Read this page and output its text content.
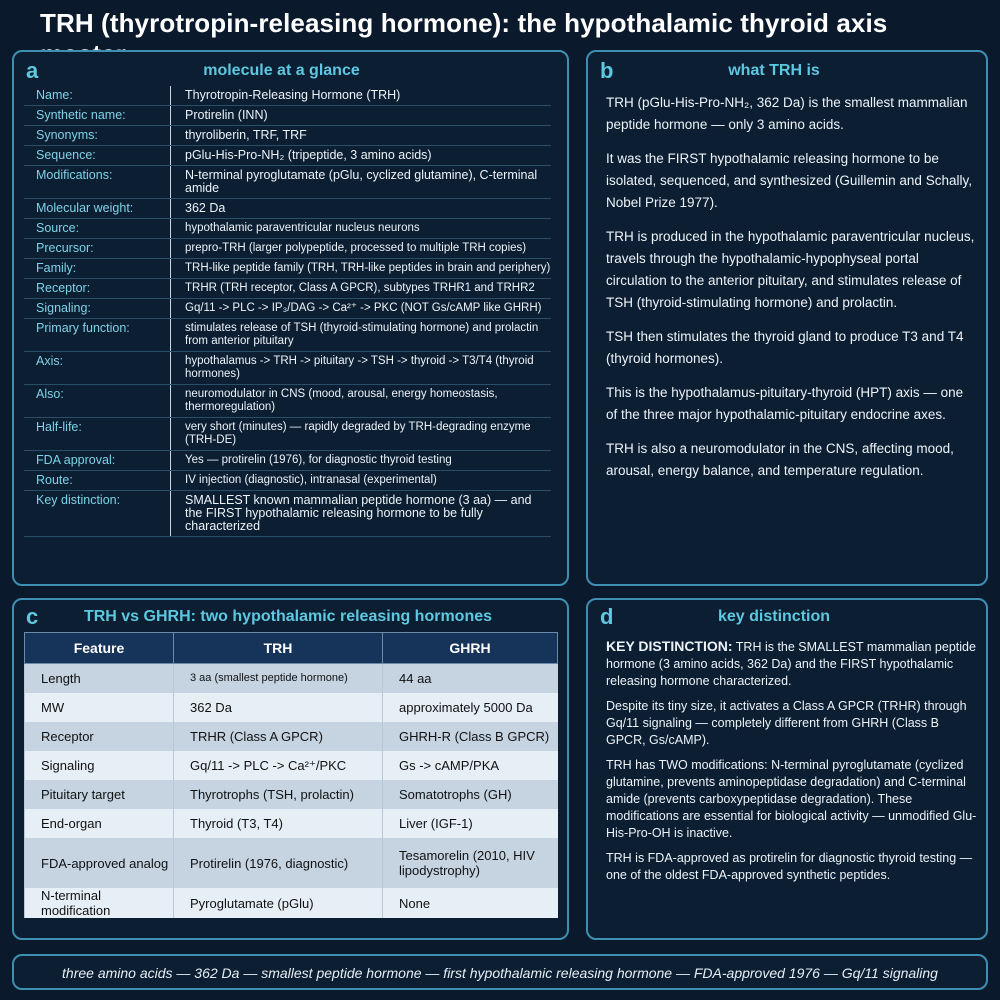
TRH (thyrotropin-releasing hormone): the hypothalamic thyroid axis
a	molecule at a glance
Name:	Thyrotropin-Releasing Hormone (TRH)
Synthetic name:	Protirelin (INN)
Synonyms:	thyroliberin, TRF, TRF
Sequence:	pGlu-His-Pro-NH₂ (tripeptide, 3 amino acids)
Modifications:	N-terminal pyroglutamate (pGlu, cyclized glutamine), C-terminal amide
Molecular weight:	362 Da
Source:	hypothalamic paraventricular nucleus neurons
Precursor:	prepro-TRH (larger polypeptide, processed to multiple TRH copies)
Family:	TRH-like peptide family (TRH, TRH-like peptides in brain and periphery)
Receptor:	TRHR (TRH receptor, Class A GPCR), subtypes TRHR1 and TRHR2
Signaling:	Gq/11 -> PLC -> IP₃/DAG -> Ca²⁺ -> PKC (NOT Gs/cAMP like GHRH)
Primary function:	stimulates release of TSH (thyroid-stimulating hormone) and prolactin from anterior pituitary
Axis:	hypothalamus -> TRH -> pituitary -> TSH -> thyroid -> T3/T4 (thyroid hormones)
Also:	neuromodulator in CNS (mood, arousal, energy homeostasis, thermoregulation)
Half-life:	very short (minutes) — rapidly degraded by TRH-degrading enzyme (TRH-DE)
FDA approval:	Yes — protirelin (1976), for diagnostic thyroid testing
Route:	IV injection (diagnostic), intranasal (experimental)
Key distinction:	SMALLEST known mammalian peptide hormone (3 aa) — and the FIRST hypothalamic releasing hormone to be fully characterized
b	what TRH is

TRH (pGlu-His-Pro-NH₂, 362 Da) is the smallest mammalian peptide hormone — only 3 amino acids.

It was the FIRST hypothalamic releasing hormone to be isolated, sequenced, and synthesized (Guillemin and Schally, Nobel Prize 1977).

TRH is produced in the hypothalamic paraventricular nucleus, travels through the hypothalamic-hypophyseal portal circulation to the anterior pituitary, and stimulates release of TSH (thyroid-stimulating hormone) and prolactin.

TSH then stimulates the thyroid gland to produce T3 and T4 (thyroid hormones).

This is the hypothalamus-pituitary-thyroid (HPT) axis — one of the three major hypothalamic-pituitary endocrine axes.

TRH is also a neuromodulator in the CNS, affecting mood, arousal, energy balance, and temperature regulation.

c	TRH vs GHRH: two hypothalamic releasing hormones
Feature	TRH	GHRH
Length	3 aa (smallest peptide hormone)	44 aa
MW	362 Da	approximately 5000 Da
Receptor	TRHR (Class A GPCR)	GHRH-R (Class B GPCR)
Signaling	Gq/11 -> PLC -> Ca²⁺/PKC	Gs -> cAMP/PKA
Pituitary target	Thyrotrophs (TSH, prolactin)	Somatotrophs (GH)
End-organ	Thyroid (T3, T4)	Liver (IGF-1)
FDA-approved analog	Protirelin (1976, diagnostic)	Tesamorelin (2010, HIV lipodystrophy)
N-terminal modification	Pyroglutamate (pGlu)	None
d	key distinction

KEY DISTINCTION: TRH is the SMALLEST mammalian peptide hormone (3 amino acids, 362 Da) and the FIRST hypothalamic releasing hormone characterized.

Despite its tiny size, it activates a Class A GPCR (TRHR) through Gq/11 signaling — completely different from GHRH (Class B GPCR, Gs/cAMP).

TRH has TWO modifications: N-terminal pyroglutamate (cyclized glutamine, prevents aminopeptidase degradation) and C-terminal amide (prevents carboxypeptidase degradation). These modifications are essential for biological activity — unmodified Glu-His-Pro-OH is inactive.

TRH is FDA-approved as protirelin for diagnostic thyroid testing — one of the oldest FDA-approved synthetic peptides.

three amino acids — 362 Da — smallest peptide hormone — first hypothalamic releasing hormone — FDA-approved 1976 — Gq/11 signaling
